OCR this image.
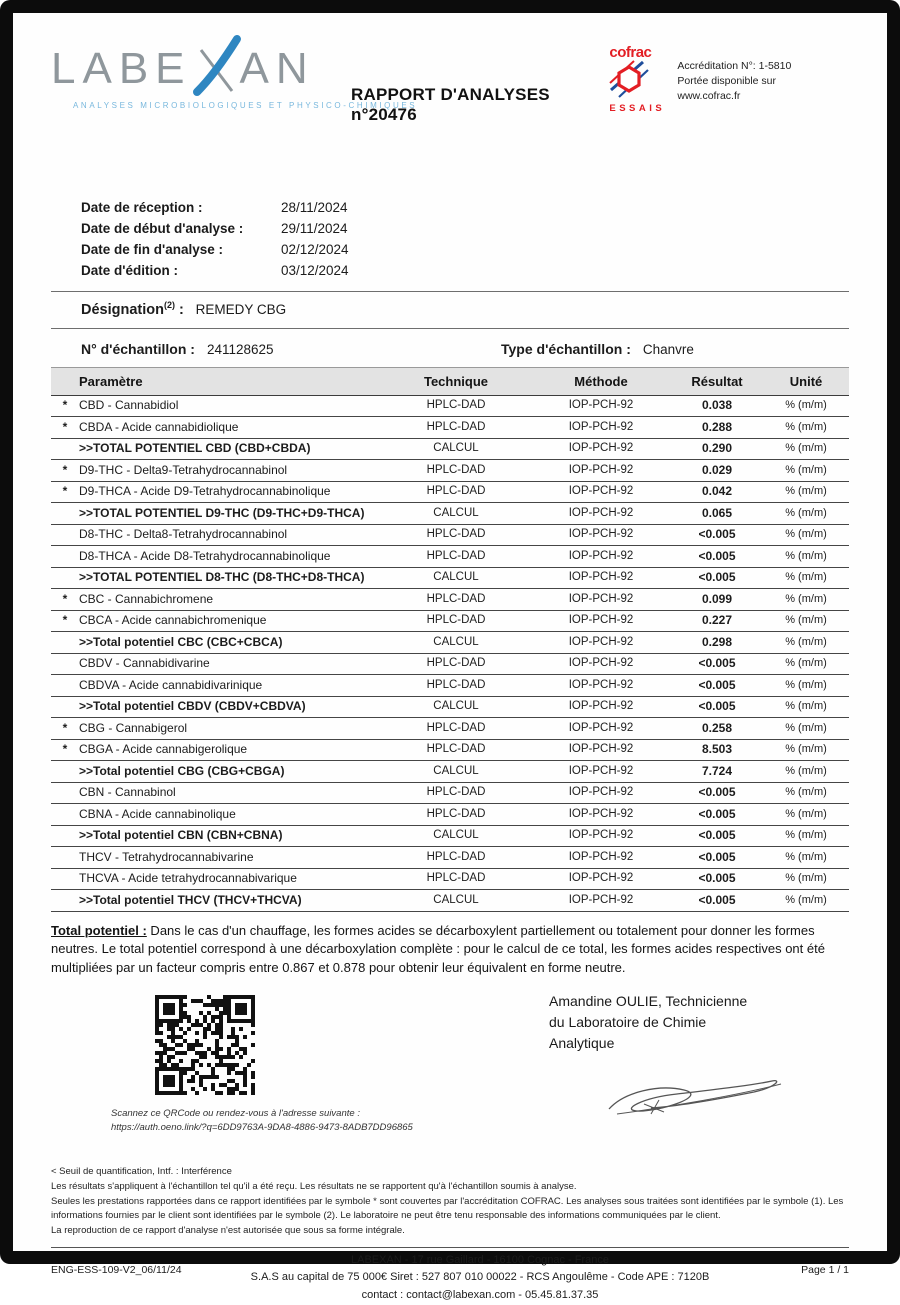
LABE AN
ANALYSES MICROBIOLOGIQUES ET PHYSICO-CHIMIQUES
RAPPORT D'ANALYSES n°20476
cofrac
ESSAIS
Accréditation N°: 1-5810
Portée disponible sur
www.cofrac.fr
Date de réception :	28/11/2024
Date de début d'analyse :	29/11/2024
Date de fin d'analyse :	02/12/2024
Date d'édition :	03/12/2024
Désignation$^{(2)}$ : REMEDY CBG
N° d'échantillon : 241128625	Type d'échantillon : Chanvre
Paramètre		Technique	Méthode	Résultat	Unité
*	CBD - Cannabidiol	HPLC-DAD	IOP-PCH-92	0.038	% (m/m)
*	CBDA - Acide cannabidiolique	HPLC-DAD	IOP-PCH-92	0.288	% (m/m)
	>>TOTAL POTENTIEL CBD (CBD+CBDA)	CALCUL	IOP-PCH-92	0.290	% (m/m)
*	D9-THC - Delta9-Tetrahydrocannabinol	HPLC-DAD	IOP-PCH-92	0.029	% (m/m)
*	D9-THCA - Acide D9-Tetrahydrocannabinolique	HPLC-DAD	IOP-PCH-92	0.042	% (m/m)
	>>TOTAL POTENTIEL D9-THC (D9-THC+D9-THCA)	CALCUL	IOP-PCH-92	0.065	% (m/m)
	D8-THC - Delta8-Tetrahydrocannabinol	HPLC-DAD	IOP-PCH-92	<0.005	% (m/m)
	D8-THCA - Acide D8-Tetrahydrocannabinolique	HPLC-DAD	IOP-PCH-92	<0.005	% (m/m)
	>>TOTAL POTENTIEL D8-THC (D8-THC+D8-THCA)	CALCUL	IOP-PCH-92	<0.005	% (m/m)
*	CBC - Cannabichromene	HPLC-DAD	IOP-PCH-92	0.099	% (m/m)
*	CBCA - Acide cannabichromenique	HPLC-DAD	IOP-PCH-92	0.227	% (m/m)
	>>Total potentiel CBC (CBC+CBCA)	CALCUL	IOP-PCH-92	0.298	% (m/m)
	CBDV - Cannabidivarine	HPLC-DAD	IOP-PCH-92	<0.005	% (m/m)
	CBDVA - Acide cannabidivarinique	HPLC-DAD	IOP-PCH-92	<0.005	% (m/m)
	>>Total potentiel CBDV (CBDV+CBDVA)	CALCUL	IOP-PCH-92	<0.005	% (m/m)
*	CBG - Cannabigerol	HPLC-DAD	IOP-PCH-92	0.258	% (m/m)
*	CBGA - Acide cannabigerolique	HPLC-DAD	IOP-PCH-92	8.503	% (m/m)
	>>Total potentiel CBG (CBG+CBGA)	CALCUL	IOP-PCH-92	7.724	% (m/m)
	CBN - Cannabinol	HPLC-DAD	IOP-PCH-92	<0.005	% (m/m)
	CBNA - Acide cannabinolique	HPLC-DAD	IOP-PCH-92	<0.005	% (m/m)
	>>Total potentiel CBN (CBN+CBNA)	CALCUL	IOP-PCH-92	<0.005	% (m/m)
	THCV - Tetrahydrocannabivarine	HPLC-DAD	IOP-PCH-92	<0.005	% (m/m)
	THCVA - Acide tetrahydrocannabivarique	HPLC-DAD	IOP-PCH-92	<0.005	% (m/m)
	>>Total potentiel THCV (THCV+THCVA)	CALCUL	IOP-PCH-92	<0.005	% (m/m)

Total potentiel : Dans le cas d'un chauffage, les formes acides se décarboxylent partiellement ou totalement pour donner les formes neutres. Le total potentiel correspond à une décarboxylation complète : pour le calcul de ce total, les formes acides respectives ont été multipliées par un facteur compris entre 0.867 et 0.878 pour obtenir leur équivalent en forme neutre.

Scannez ce QRCode ou rendez-vous à l'adresse suivante :
https://auth.oeno.link/?q=6DD9763A-9DA8-4886-9473-8ADB7DD96865
Amandine OULIE, Technicienne
du Laboratoire de Chimie
Analytique

< Seuil de quantification, Intf. : Interférence

Les résultats s'appliquent à l'échantillon tel qu'il a été reçu. Les résultats ne se rapportent qu'à l'échantillon soumis à analyse.

Seules les prestations rapportées dans ce rapport identifiées par le symbole * sont couvertes par l'accréditation COFRAC. Les analyses sous traitées sont identifiées par le symbole (1). Les informations fournies par le client sont identifiées par le symbole (2). Le laboratoire ne peut être tenu responsable des informations communiquées par le client.

La reproduction de ce rapport d'analyse n'est autorisée que sous sa forme intégrale.

ENG-ESS-109-V2_06/11/24
LABEXAN - 17 rue Gaillard - 16100 Cognac - France
S.A.S au capital de 75 000€ Siret : 527 807 010 00022 - RCS Angoulême - Code APE : 7120B
contact : contact@labexan.com - 05.45.81.37.35
Page 1 / 1
